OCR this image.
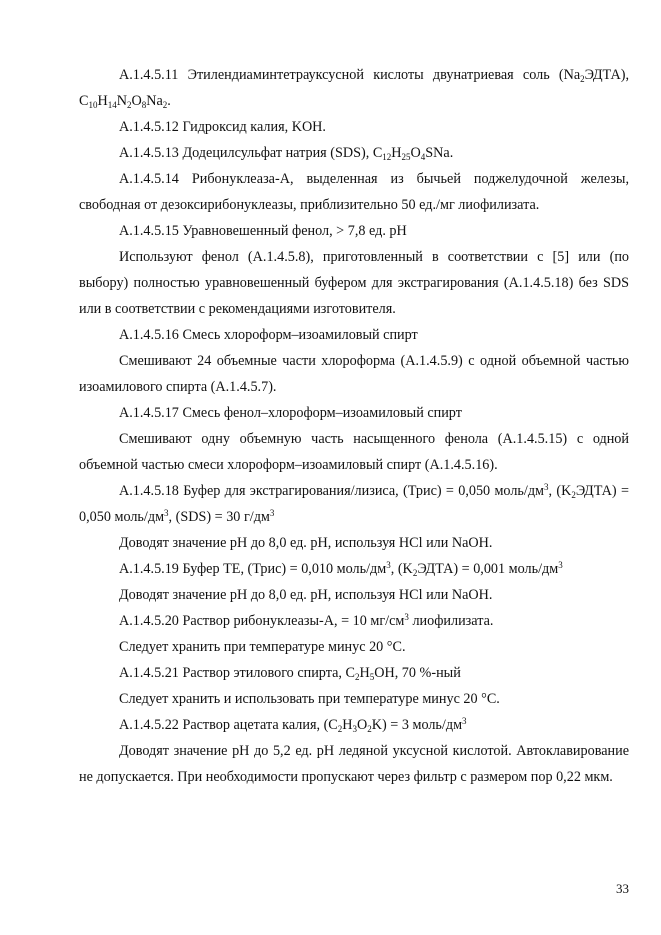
A.1.4.5.11 Этилендиаминтетрауксусной кислоты двунатриевая соль $(Na_2ЭДТА)$, $C_{10}H_{14}N_2O_8Na_2$.

A.1.4.5.12 Гидроксид калия, KOH.

A.1.4.5.13 Додецилсульфат натрия (SDS), $C_{12}H_{25}O_4SNa$.

A.1.4.5.14 Рибонуклеаза-А, выделенная из бычьей поджелудочной железы, свободная от дезоксирибонуклеазы, приблизительно 50 ед./мг лиофилизата.

A.1.4.5.15 Уравновешенный фенол, > 7,8 ед. pH

Используют фенол (А.1.4.5.8), приготовленный в соответствии с [5] или (по выбору) полностью уравновешенный буфером для экстрагирования (А.1.4.5.18) без SDS или в соответствии с рекомендациями изготовителя.

A.1.4.5.16 Смесь хлороформ–изоамиловый спирт

Смешивают 24 объемные части хлороформа (А.1.4.5.9) с одной объемной частью изоамилового спирта (А.1.4.5.7).

A.1.4.5.17 Смесь фенол–хлороформ–изоамиловый спирт

Смешивают одну объемную часть насыщенного фенола (А.1.4.5.15) с одной объемной частью смеси хлороформ–изоамиловый спирт (А.1.4.5.16).

A.1.4.5.18 Буфер для экстрагирования/лизиса, (Трис) = 0,050 моль/$дм^3$, $(K_2ЭДТА) = 0,050$ моль/$дм^3$, (SDS) = 30 $г/дм^3$

Доводят значение pH до 8,0 ед. pH, используя HCl или NaOH.

A.1.4.5.19 Буфер TE, (Трис) = 0,010 моль/$дм^3$, $(K_2ЭДТА) = 0,001$ моль/$дм^3$

Доводят значение pH до 8,0 ед. pH, используя HCl или NaOH.

A.1.4.5.20 Раствор рибонуклеазы-А, = 10 $мг/см^3$ лиофилизата.

Следует хранить при температуре минус 20 °C.

A.1.4.5.21 Раствор этилового спирта, $C_2H_5OH$, 70 %-ный

Следует хранить и использовать при температуре минус 20 °C.

A.1.4.5.22 Раствор ацетата калия, $(C_2H_3O_2K) = 3$ моль/$дм^3$

Доводят значение pH до 5,2 ед. pH ледяной уксусной кислотой. Автоклавирование не допускается. При необходимости пропускают через фильтр с размером пор 0,22 мкм.

33
